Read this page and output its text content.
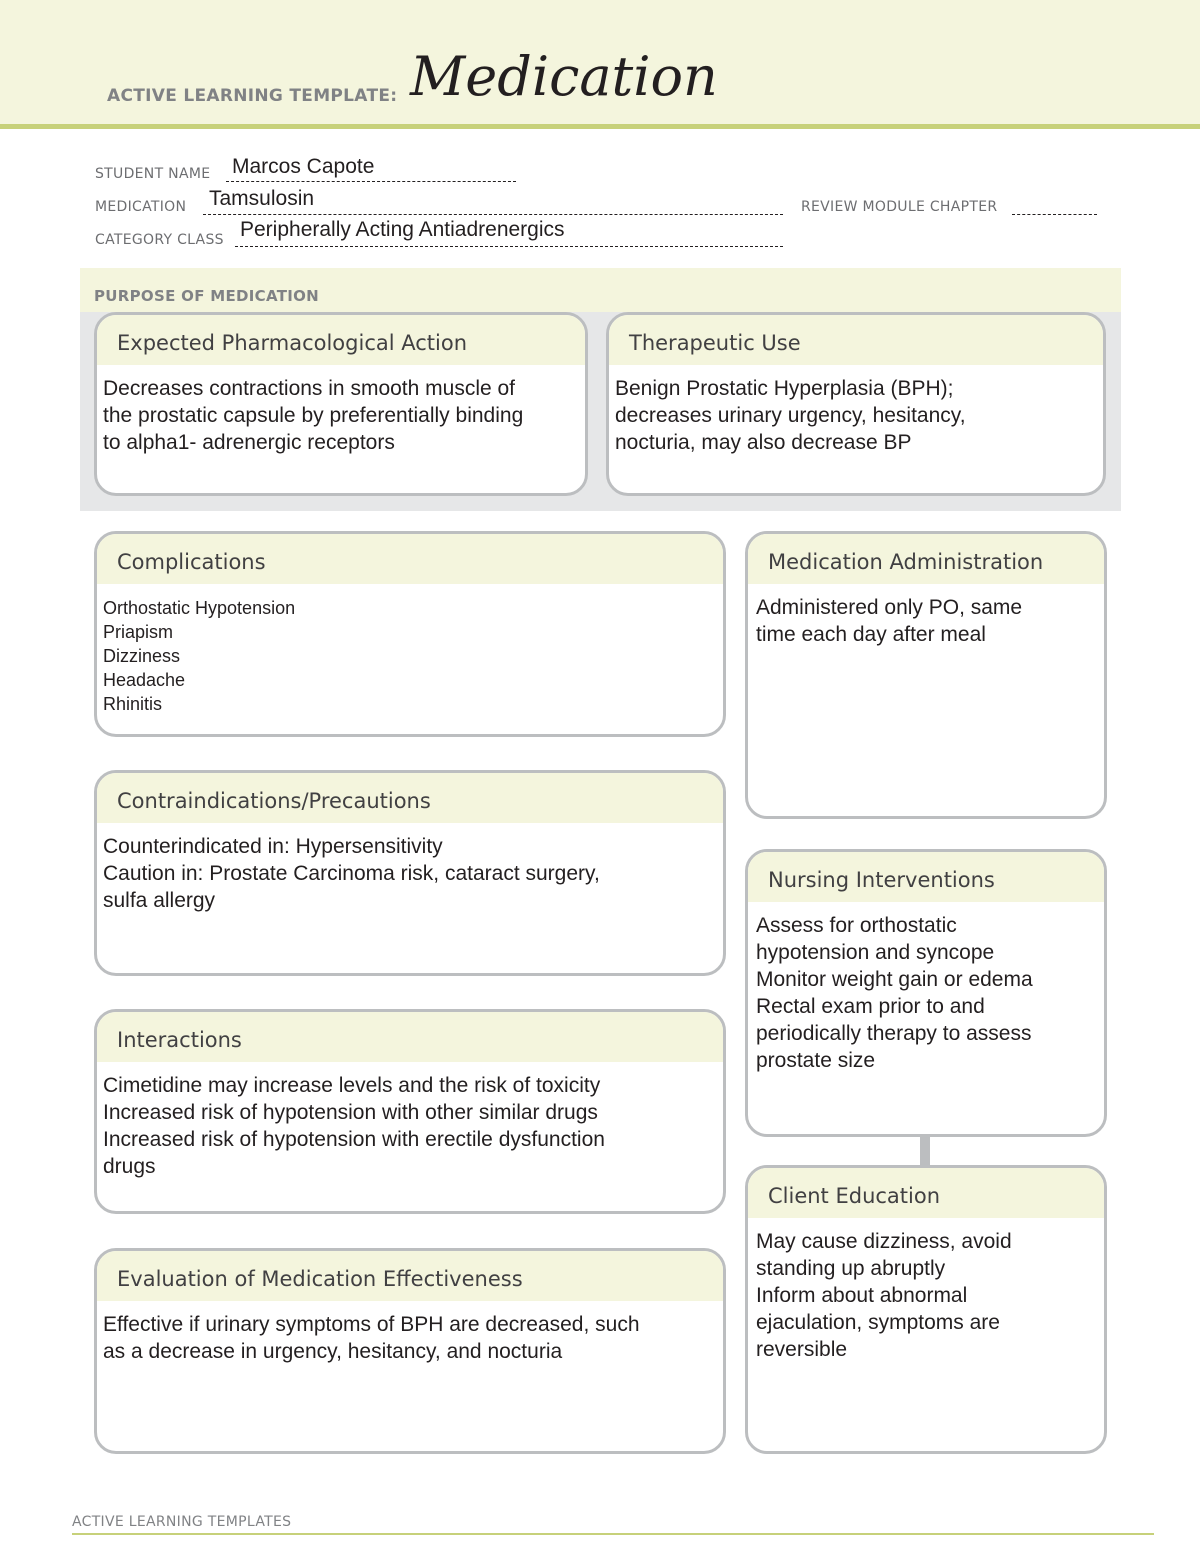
ACTIVE LEARNING TEMPLATE: Medication
STUDENT NAME Marcos Capote
MEDICATION Tamsulosin	REVIEW MODULE CHAPTER
CATEGORY CLASS Peripherally Acting Antiadrenergics
PURPOSE OF MEDICATION
Expected Pharmacological Action
Decreases contractions in smooth muscle of
the prostatic capsule by preferentially binding
to alpha1- adrenergic receptors
Therapeutic Use
Benign Prostatic Hyperplasia (BPH);
decreases urinary urgency, hesitancy,
nocturia, may also decrease BP
Complications
Orthostatic Hypotension
Priapism
Dizziness
Headache
Rhinitis
Contraindications/Precautions
Counterindicated in: Hypersensitivity
Caution in: Prostate Carcinoma risk, cataract surgery,
sulfa allergy
Interactions
Cimetidine may increase levels and the risk of toxicity
Increased risk of hypotension with other similar drugs
Increased risk of hypotension with erectile dysfunction
drugs
Evaluation of Medication Effectiveness
Effective if urinary symptoms of BPH are decreased, such
as a decrease in urgency, hesitancy, and nocturia
Medication Administration
Administered only PO, same
time each day after meal
Nursing Interventions
Assess for orthostatic
hypotension and syncope
Monitor weight gain or edema
Rectal exam prior to and
periodically therapy to assess
prostate size
Client Education
May cause dizziness, avoid
standing up abruptly
Inform about abnormal
ejaculation, symptoms are
reversible
ACTIVE LEARNING TEMPLATES
